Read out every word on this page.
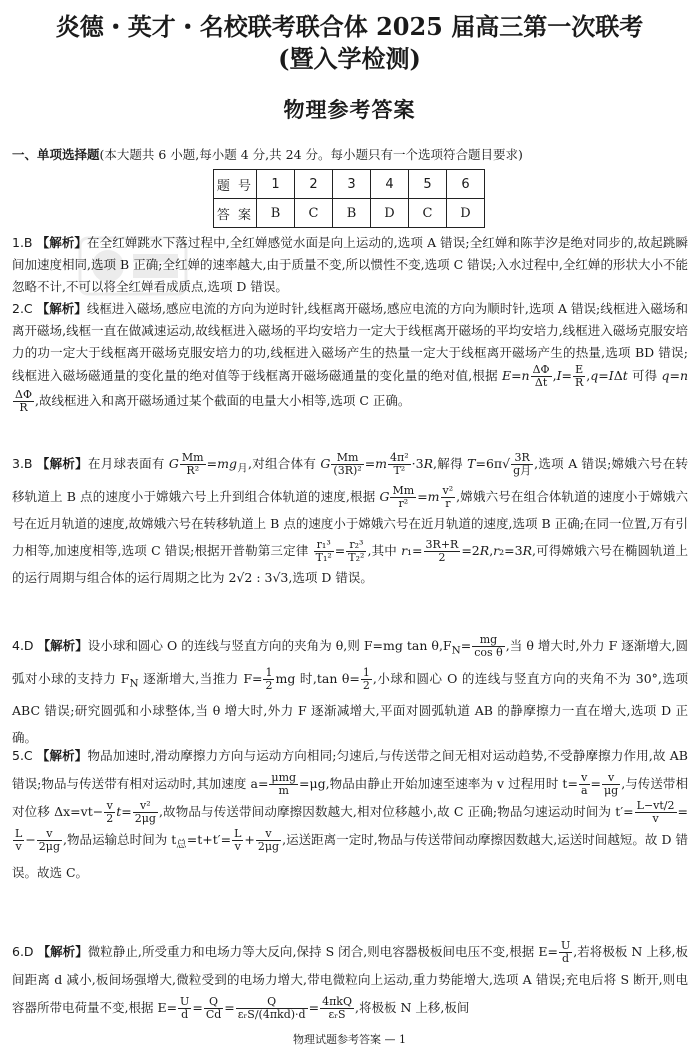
炎德・英才・名校联考联合体 2025 届高三第一次联考
(暨入学检测)
物理参考答案
一、单项选择题(本大题共 6 小题,每小题 4 分,共 24 分。每小题只有一个选项符合题目要求)
题 号	1	2	3	4	5	6
答 案	B	C	B	D	C	D

1.B 【解析】在全红婵跳水下落过程中,全红婵感觉水面是向上运动的,选项 A 错误;全红婵和陈芋汐是绝对同步的,故起跳瞬间加速度相同,选项 B 正确;全红婵的速率越大,由于质量不变,所以惯性不变,选项 C 错误;入水过程中,全红婵的形状大小不能忽略不计,不可以将全红婵看成质点,选项 D 错误。

2.C 【解析】线框进入磁场,感应电流的方向为逆时针,线框离开磁场,感应电流的方向为顺时针,选项 A 错误;线框进入磁场和离开磁场,线框一直在做减速运动,故线框进入磁场的平均安培力一定大于线框离开磁场的平均安培力,线框进入磁场克服安培力的功一定大于线框离开磁场克服安培力的功,线框进入磁场产生的热量一定大于线框离开磁场产生的热量,选项 BD 错误;线框进入磁场磁通量的变化量的绝对值等于线框离开磁场磁通量的变化量的绝对值,根据 $E=n \frac{\Delta\Phi}{\Delta t} ,I= \frac{E}{R} ,q=I\Delta t$ 可得 q=n
$\frac{\Delta\Phi}{R}$ ,故线框进入和离开磁场通过某个截面的电量大小相等,选项 C 正确。

3.B 【解析】在月球表面有 G $\frac{Mm}{\text{R²}} =mg_月$,对组合体有 G $\frac{Mm}{\text{(3R)²}} =m \frac{\text{4π²}}{\text{T²}} \cdot 3R$,解得 $T=6\pi√ \frac{3R}{\text{g月}}$ ,选项 A 错误;嫦娥六号在转移轨道上 B 点的速度小于嫦娥六号上升到组合体轨道的速度,根据 G $\frac{Mm}{\text{r²}} =m \frac{\text{v²}}{r}$ ,嫦娥六号在组合体轨道的速度小于嫦娥六号在近月轨道的速度,故嫦娥六号在转移轨道上 B 点的速度小于嫦娥六号在近月轨道的速度,选项 B 正确;在同一位置,万有引力相等,加速度相等,选项 C 错误;根据开普勒第三定律 $\frac{\text{r₁³}}{\text{T₁²}} = \frac{\text{r₂³}}{\text{T₂²}}$ ,其中 $r_1= \frac{3R+R}{2} =2R,r_2=3R$,可得嫦娥六号在椭圆轨道上的运行周期与组合体的运行周期之比为 2√2 : 3√3,选项 D 错误。

4.D 【解析】设小球和圆心 O 的连线与竖直方向的夹角为 θ,则 F=mg $\tan \theta,F_N= \frac{mg}{\text{cos θ}}$ ,当 θ 增大时,外力 F 逐渐增大,圆弧对小球的支持力 $F_N$ 逐渐增大,当推力 $F= \frac{1}{2}$ mg 时,tan $\theta= \frac{1}{2}$ ,小球和圆心 O 的连线与竖直方向的夹角不为 30°,选项 ABC 错误;研究圆弧和小球整体,当 θ 增大时,外力 F 逐渐减增大,平面对圆弧轨道 AB 的静摩擦力一直在增大,选项 D 正确。

5.C 【解析】物品加速时,滑动摩擦力方向与运动方向相同;匀速后,与传送带之间无相对运动趋势,不受静摩擦力作用,故 AB 错误;物品与传送带有相对运动时,其加速度 $a= \frac{\text{μmg}}{m} =\mu g$,物品由静止开始加速至速率为 v 过程用时 $t= \frac{v}{a} = \frac{v}{\mu g}$ ,与传送带相对位移 $\Delta x=vt- \frac{v}{2} t= \frac{\text{v²}}{2\mu g}$ ,故物品与传送带间动摩擦因数越大,相对位移越小,故 C 正确;物品匀速运动时间为 $t'= \frac{L-vt/2}{v}$ =
$\frac{L}{v} - \frac{v}{2\mu g}$ ,物品运输总时间为 $t_总=t+t'= \frac{L}{v} + \frac{v}{2\mu g}$ ,运送距离一定时,物品与传送带间动摩擦因数越大,运送时间越短。故 D 错误。故选 C。

6.D 【解析】微粒静止,所受重力和电场力等大反向,保持 S 闭合,则电容器极板间电压不变,根据 $E= \frac{U}{d}$ ,若将极板 N 上移,板间距离 d 减小,板间场强增大,微粒受到的电场力增大,带电微粒向上运动,重力势能增大,选项 A 错误;充电后将 S 断开,则电容器所带电荷量不变,根据 $E= \frac{U}{d} = \frac{Q}{Cd} = \frac{Q}{\text{εᵣS/(4πkd)·d}} = \frac{\text{4πkQ}}{\text{εᵣS}}$ ,将极板 N 上移,板间

物理试题参考答案 — 1
